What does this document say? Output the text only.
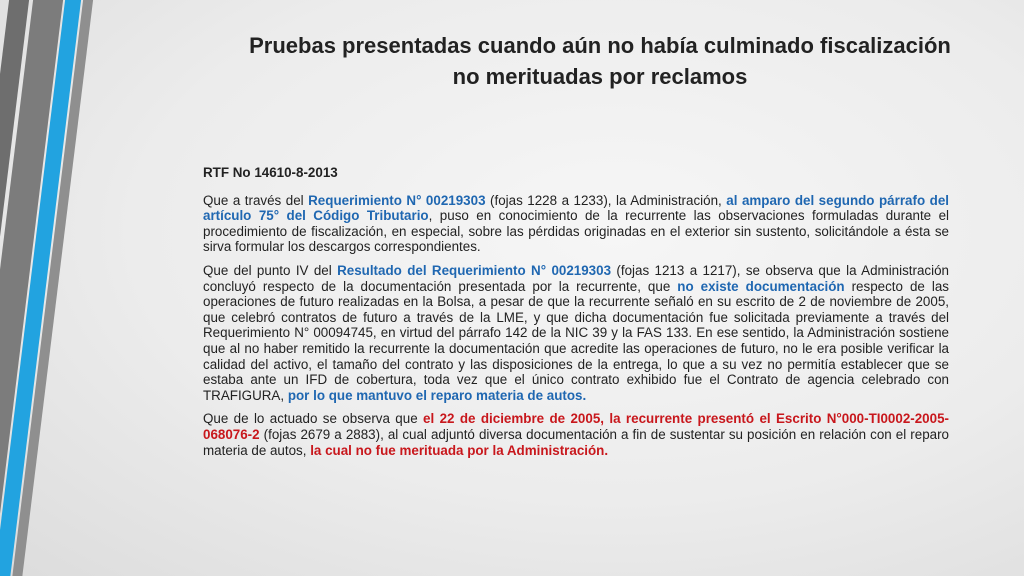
Pruebas presentadas cuando aún no había culminado fiscalización
no merituadas por reclamos

RTF No 14610-8-2013

Que a través del Requerimiento N° 00219303 (fojas 1228 a 1233), la Administración, al amparo del segundo párrafo del artículo 75° del Código Tributario, puso en conocimiento de la recurrente las observaciones formuladas durante el procedimiento de fiscalización, en especial, sobre las pérdidas originadas en el exterior sin sustento, solicitándole a ésta se sirva formular los descargos correspondientes.

Que del punto IV del Resultado del Requerimiento N° 00219303 (fojas 1213 a 1217), se observa que la Administración concluyó respecto de la documentación presentada por la recurrente, que no existe documentación respecto de las operaciones de futuro realizadas en la Bolsa, a pesar de que la recurrente señaló en su escrito de 2 de noviembre de 2005, que celebró contratos de futuro a través de la LME, y que dicha documentación fue solicitada previamente a través del Requerimiento N° 00094745, en virtud del párrafo 142 de la NIC 39 y la FAS 133. En ese sentido, la Administración sostiene que al no haber remitido la recurrente la documentación que acredite las operaciones de futuro, no le era posible verificar la calidad del activo, el tamaño del contrato y las disposiciones de la entrega, lo que a su vez no permitía establecer que se estaba ante un IFD de cobertura, toda vez que el único contrato exhibido fue el Contrato de agencia celebrado con TRAFIGURA, por lo que mantuvo el reparo materia de autos.

Que de lo actuado se observa que el 22 de diciembre de 2005, la recurrente presentó el Escrito N°000-TI0002-2005-068076-2 (fojas 2679 a 2883), al cual adjuntó diversa documentación a fin de sustentar su posición en relación con el reparo materia de autos, la cual no fue merituada por la Administración.
